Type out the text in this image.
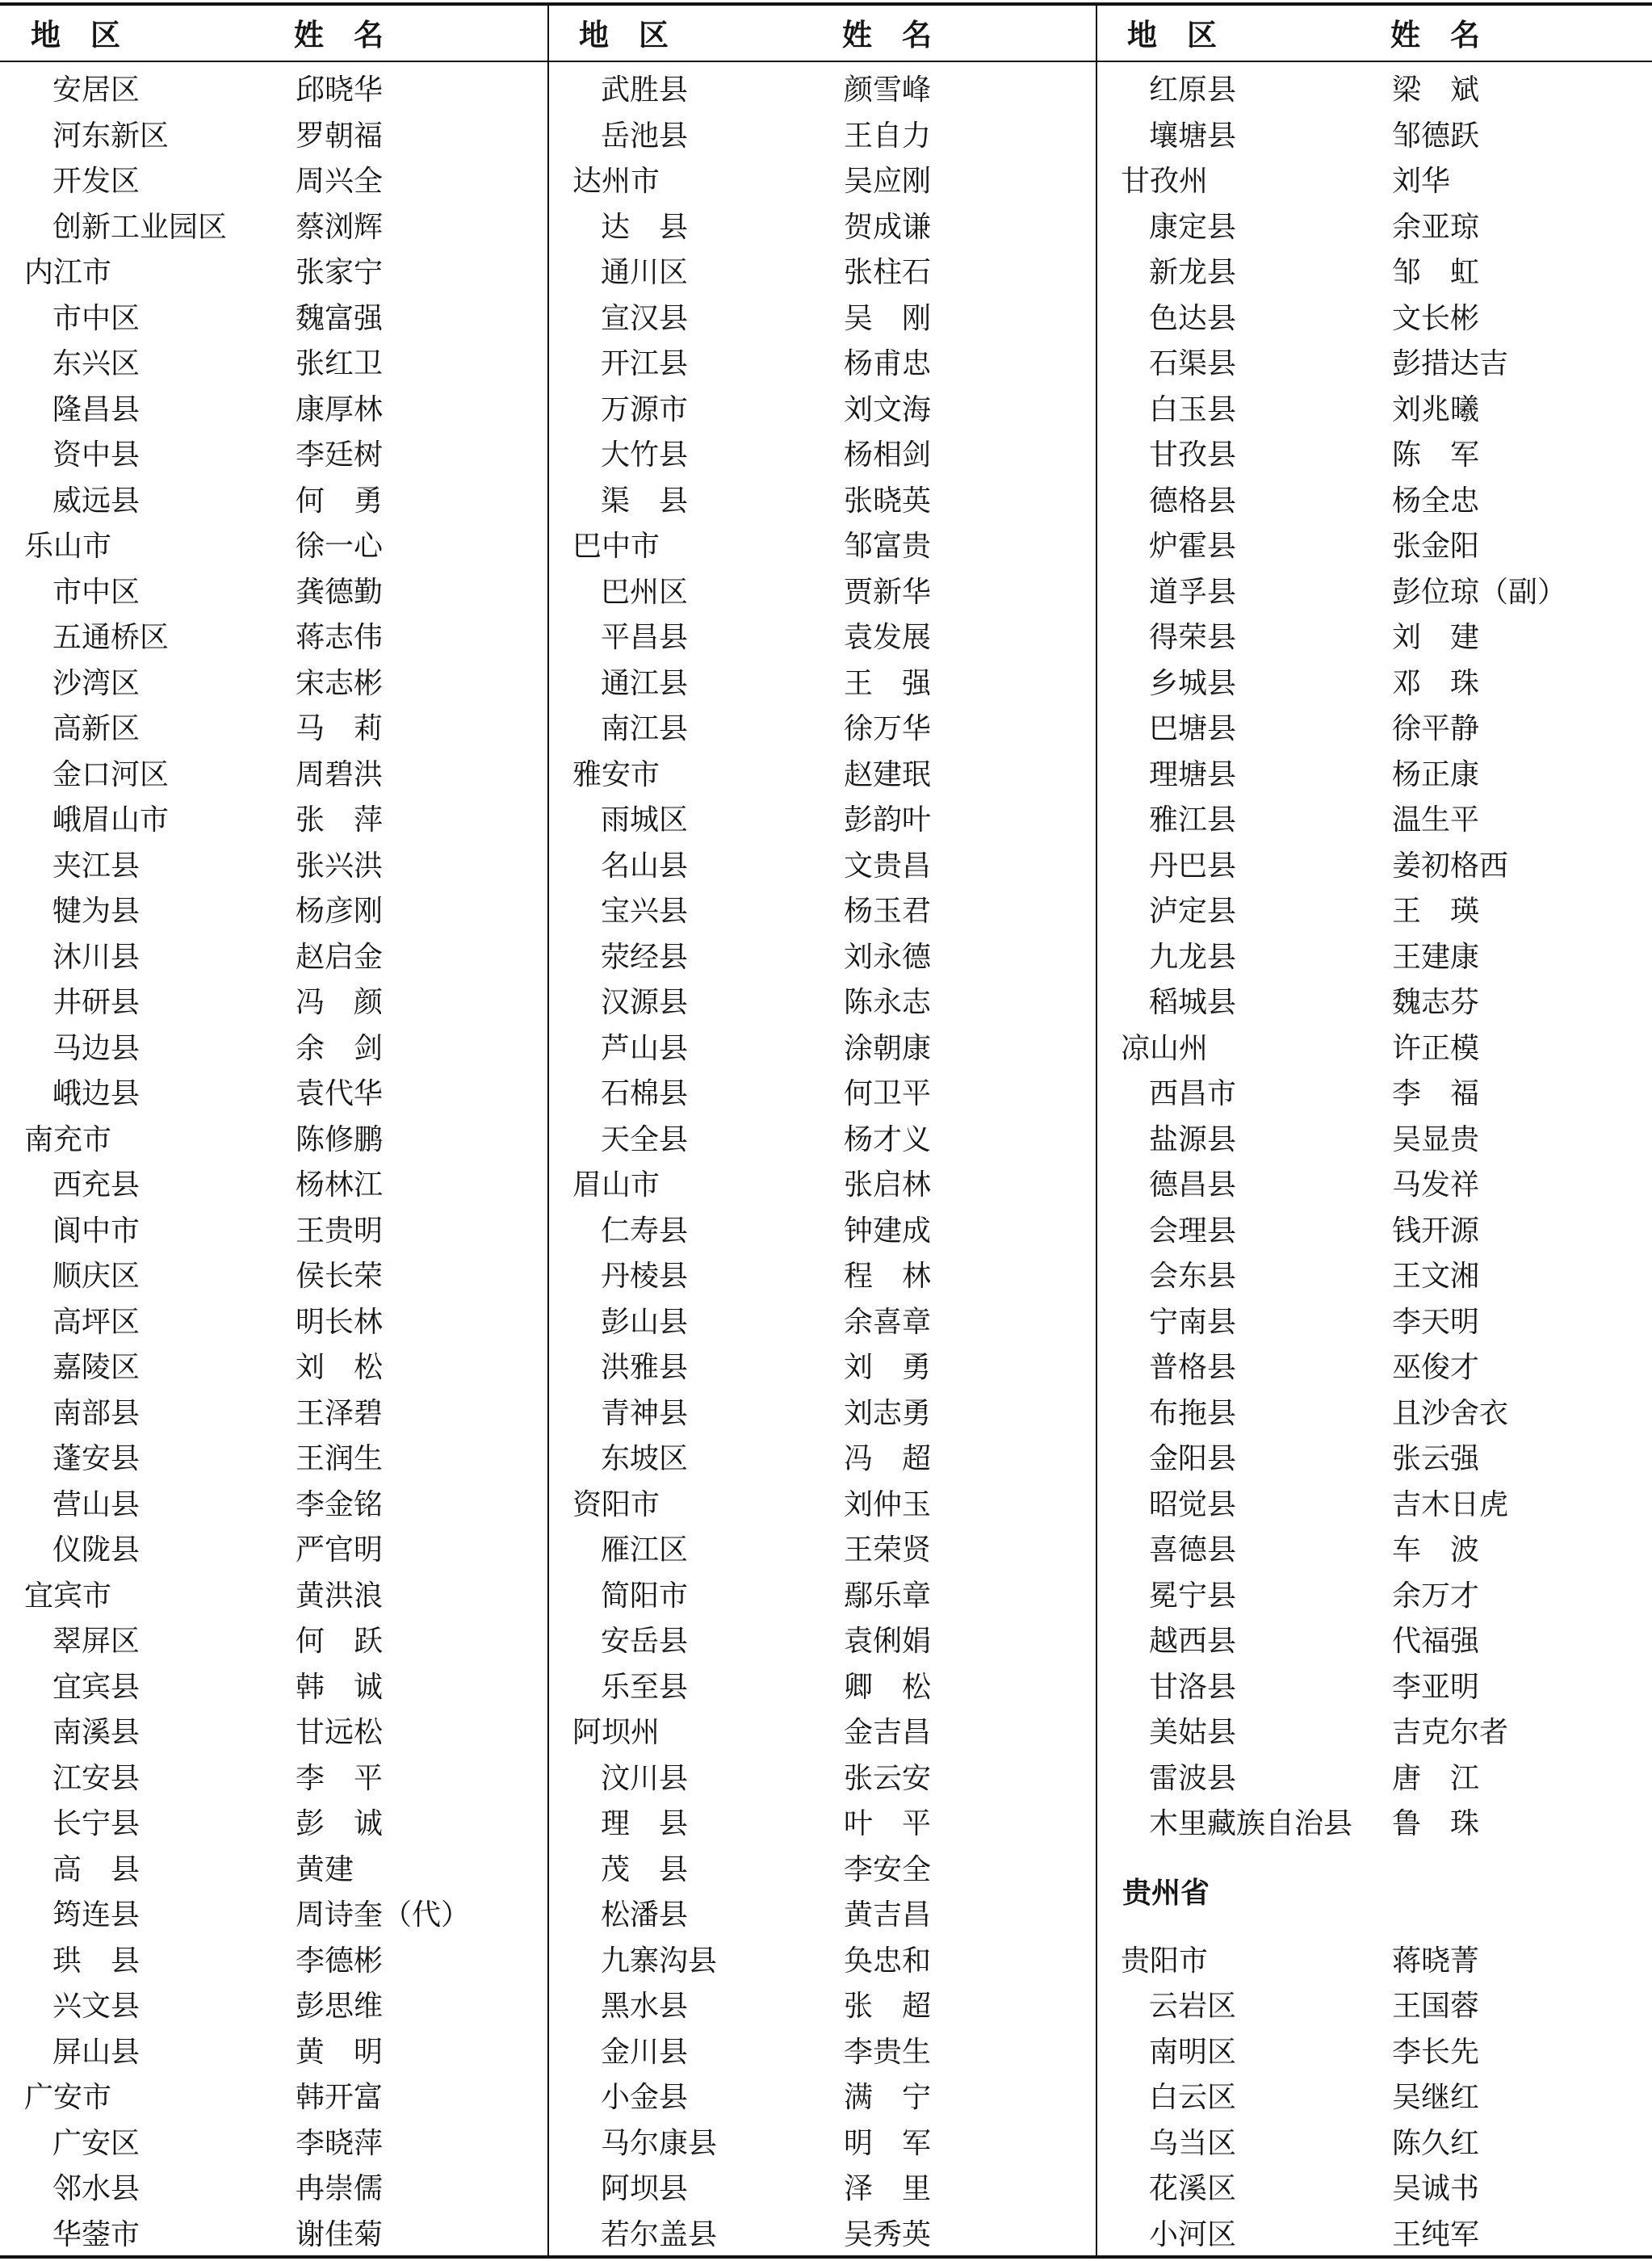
地　区	姓　名
安居区	邱晓华
河东新区	罗朝福
开发区	周兴全
创新工业园区 蔡浏辉
内江市	张家宁
市中区	魏富强
东兴区	张红卫
隆昌县	康厚林
资中县	李廷树
威远县	何　勇
乐山市	徐一心
市中区	龚德勤
五通桥区	蒋志伟
沙湾区	宋志彬
高新区	马　莉
金口河区	周碧洪
峨眉山市	张　萍
夹江县	张兴洪
犍为县	杨彦刚
沐川县	赵启金
井研县	冯　颜
马边县	余　剑
峨边县	袁代华
南充市	陈修鹏
西充县	杨林江
阆中市	王贵明
顺庆区	侯长荣
高坪区	明长林
嘉陵区	刘　松
南部县	王泽碧
蓬安县	王润生
营山县	李金铭
仪陇县	严官明
宜宾市	黄洪浪
翠屏区	何　跃
宜宾县	韩　诚
南溪县	甘远松
江安县	李　平
长宁县	彭　诚
高　县	黄建
筠连县	周诗奎（代）
珙　县	李德彬
兴文县	彭思维
屏山县	黄　明
广安市	韩开富
广安区	李晓萍
邻水县	冉崇儒
华蓥市	谢佳菊
地　区	姓　名
武胜县	颜雪峰
岳池县	王自力
达州市	吴应刚
达　县	贺成谦
通川区	张柱石
宣汉县	吴　刚
开江县	杨甫忠
万源市	刘文海
大竹县	杨相剑
渠　县	张晓英
巴中市	邹富贵
巴州区	贾新华
平昌县	袁发展
通江县	王　强
南江县	徐万华
雅安市	赵建珉
雨城区	彭韵叶
名山县	文贵昌
宝兴县	杨玉君
荥经县	刘永德
汉源县	陈永志
芦山县	涂朝康
石棉县	何卫平
天全县	杨才义
眉山市	张启林
仁寿县	钟建成
丹棱县	程　林
彭山县	余喜章
洪雅县	刘　勇
青神县	刘志勇
东坡区	冯　超
资阳市	刘仲玉
雁江区	王荣贤
简阳市	鄢乐章
安岳县	袁俐娟
乐至县	卿　松
阿坝州	金吉昌
汶川县	张云安
理　县	叶　平
茂　县	李安全
松潘县	黄吉昌
九寨沟县	奂忠和
黑水县	张　超
金川县	李贵生
小金县	满　宁
马尔康县	明　军
阿坝县	泽　里
若尔盖县	吴秀英
地　区	姓　名
红原县	梁　斌
壤塘县	邹德跃
甘孜州	刘华
康定县	余亚琼
新龙县	邹　虹
色达县	文长彬
石渠县	彭措达吉
白玉县	刘兆曦
甘孜县	陈　军
德格县	杨全忠
炉霍县	张金阳
道孚县	彭位琼（副）
得荣县	刘　建
乡城县	邓　珠
巴塘县	徐平静
理塘县	杨正康
雅江县	温生平
丹巴县	姜初格西
泸定县	王　瑛
九龙县	王建康
稻城县	魏志芬
凉山州	许正模
西昌市	李　福
盐源县	吴显贵
德昌县	马发祥
会理县	钱开源
会东县	王文湘
宁南县	李天明
普格县	巫俊才
布拖县	且沙舍衣
金阳县	张云强
昭觉县	吉木日虎
喜德县	车　波
冕宁县	余万才
越西县	代福强
甘洛县	李亚明
美姑县	吉克尔者
雷波县	唐　江
木里藏族自治县 鲁　珠
贵州省
贵阳市	蒋晓菁
云岩区	王国蓉
南明区	李长先
白云区	吴继红
乌当区	陈久红
花溪区	吴诚书
小河区	王纯军
